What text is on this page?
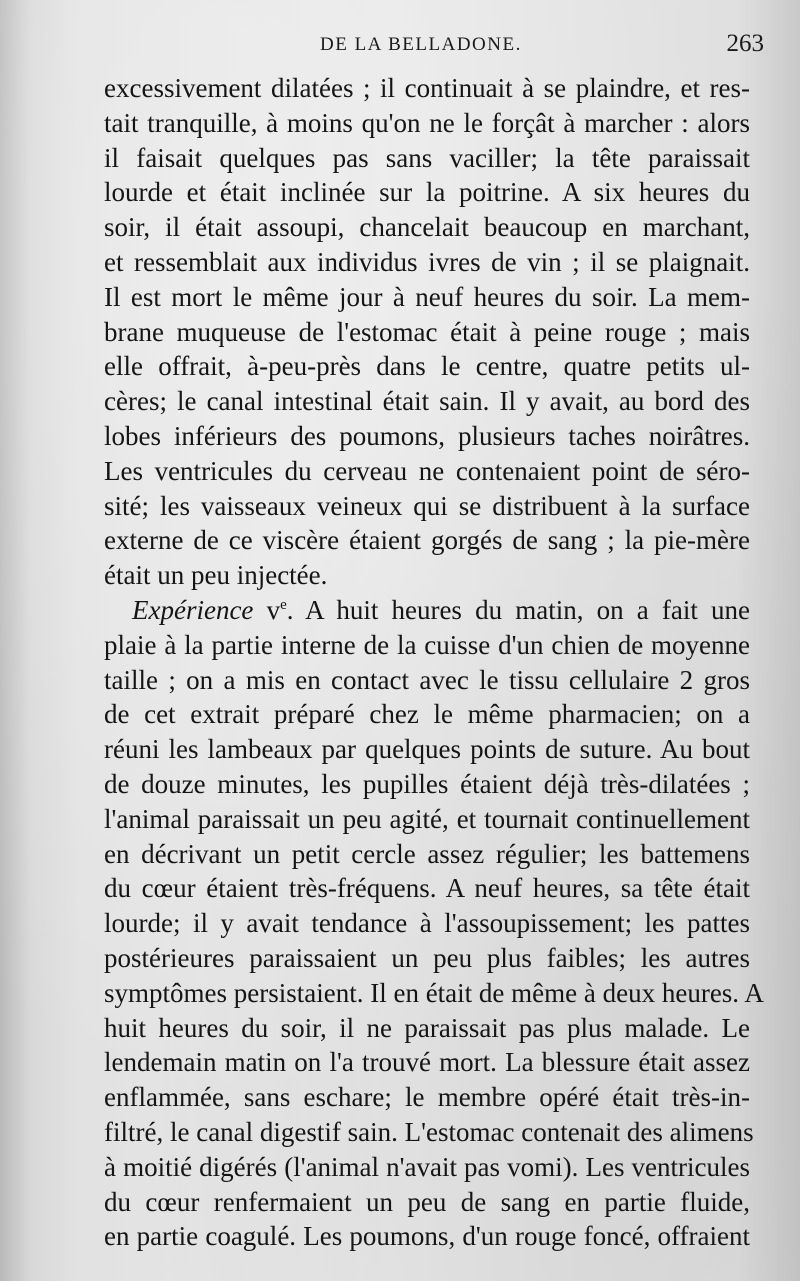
DE LA BELLADONE.	263
excessivement dilatées ; il continuait à se plaindre, et res-
tait tranquille, à moins qu'on ne le forçât à marcher : alors
il faisait quelques pas sans vaciller; la tête paraissait
lourde et était inclinée sur la poitrine. A six heures du
soir, il était assoupi, chancelait beaucoup en marchant,
et ressemblait aux individus ivres de vin ; il se plaignait.
Il est mort le même jour à neuf heures du soir. La mem-
brane muqueuse de l'estomac était à peine rouge ; mais
elle offrait, à-peu-près dans le centre, quatre petits ul-
cères; le canal intestinal était sain. Il y avait, au bord des
lobes inférieurs des poumons, plusieurs taches noirâtres.
Les ventricules du cerveau ne contenaient point de séro-
sité; les vaisseaux veineux qui se distribuent à la surface
externe de ce viscère étaient gorgés de sang ; la pie-mère
était un peu injectée.
Expérience $v^e$. A huit heures du matin, on a fait une
plaie à la partie interne de la cuisse d'un chien de moyenne
taille ; on a mis en contact avec le tissu cellulaire 2 gros
de cet extrait préparé chez le même pharmacien; on a
réuni les lambeaux par quelques points de suture. Au bout
de douze minutes, les pupilles étaient déjà très-dilatées ;
l'animal paraissait un peu agité, et tournait continuellement
en décrivant un petit cercle assez régulier; les battemens
du cœur étaient très-fréquens. A neuf heures, sa tête était
lourde; il y avait tendance à l'assoupissement; les pattes
postérieures paraissaient un peu plus faibles; les autres
symptômes persistaient. Il en était de même à deux heures. A
huit heures du soir, il ne paraissait pas plus malade. Le
lendemain matin on l'a trouvé mort. La blessure était assez
enflammée, sans eschare; le membre opéré était très-in-
filtré, le canal digestif sain. L'estomac contenait des alimens
à moitié digérés (l'animal n'avait pas vomi). Les ventricules
du cœur renfermaient un peu de sang en partie fluide,
en partie coagulé. Les poumons, d'un rouge foncé, offraient
